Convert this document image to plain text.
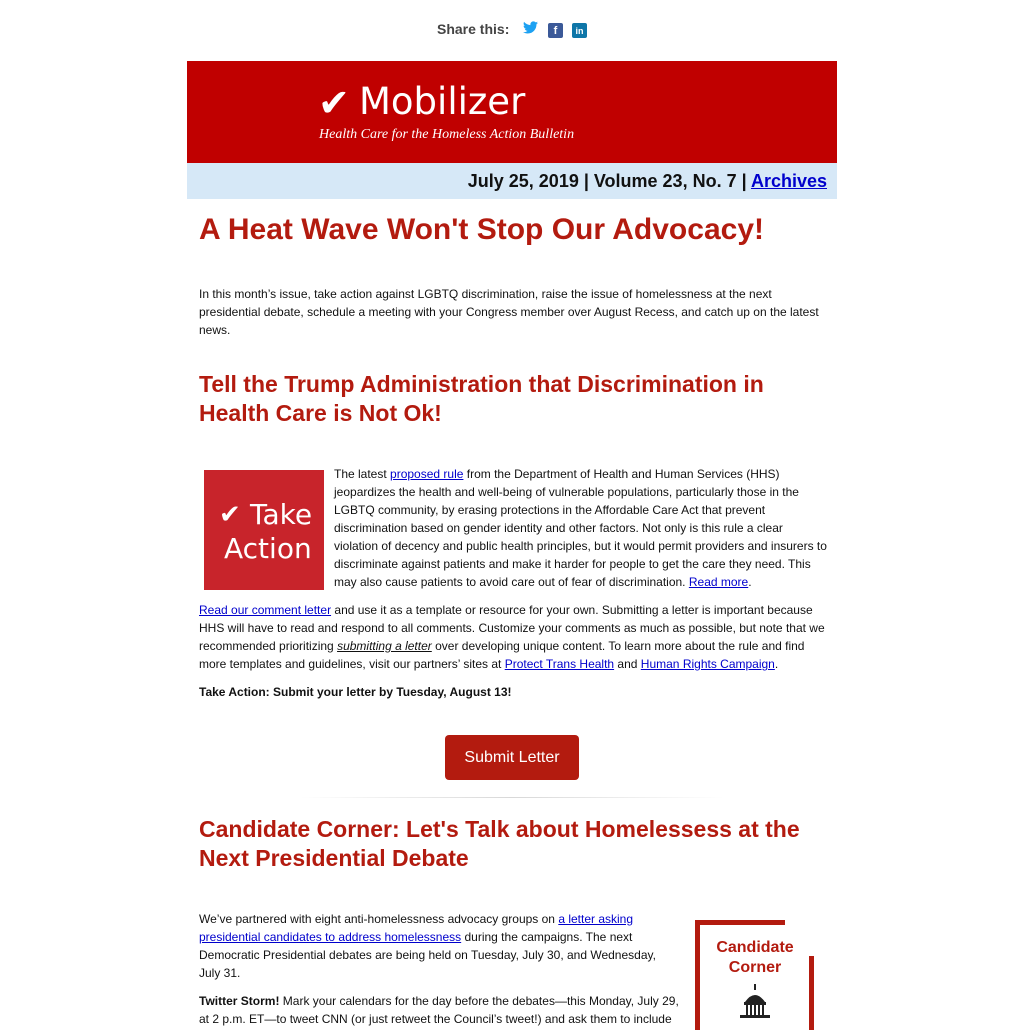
Share this:	f	in
✔ Mobilizer
Health Care for the Homeless Action Bulletin
July 25, 2019 | Volume 23, No. 7 | Archives
A Heat Wave Won't Stop Our Advocacy!

In this month’s issue, take action against LGBTQ discrimination, raise the issue of homelessness at the next presidential debate, schedule a meeting with your Congress member over August Recess, and catch up on the latest news.

Tell the Trump Administration that Discrimination in Health Care is Not Ok!
✔ Take
Action

The latest proposed rule from the Department of Health and Human Services (HHS) jeopardizes the health and well-being of vulnerable populations, particularly those in the LGBTQ community, by erasing protections in the Affordable Care Act that prevent discrimination based on gender identity and other factors. Not only is this rule a clear violation of decency and public health principles, but it would permit providers and insurers to discriminate against patients and make it harder for people to get the care they need. This may also cause patients to avoid care out of fear of discrimination. Read more.

Read our comment letter and use it as a template or resource for your own. Submitting a letter is important because HHS will have to read and respond to all comments. Customize your comments as much as possible, but note that we recommended prioritizing submitting a letter over developing unique content. To learn more about the rule and find more templates and guidelines, visit our partners’ sites at Protect Trans Health and Human Rights Campaign.

Take Action: Submit your letter by Tuesday, August 13!

Submit Letter
Candidate Corner: Let's Talk about Homelessess at the Next Presidential Debate

We’ve partnered with eight anti-homelessness advocacy groups on a letter asking presidential candidates to address homelessness during the campaigns. The next Democratic Presidential debates are being held on Tuesday, July 30, and Wednesday, July 31.

Twitter Storm! Mark your calendars for the day before the debates—this Monday, July 29, at 2 p.m. ET—to tweet CNN (or just retweet the Council’s tweet!) and ask them to include

Candidate
Corner
